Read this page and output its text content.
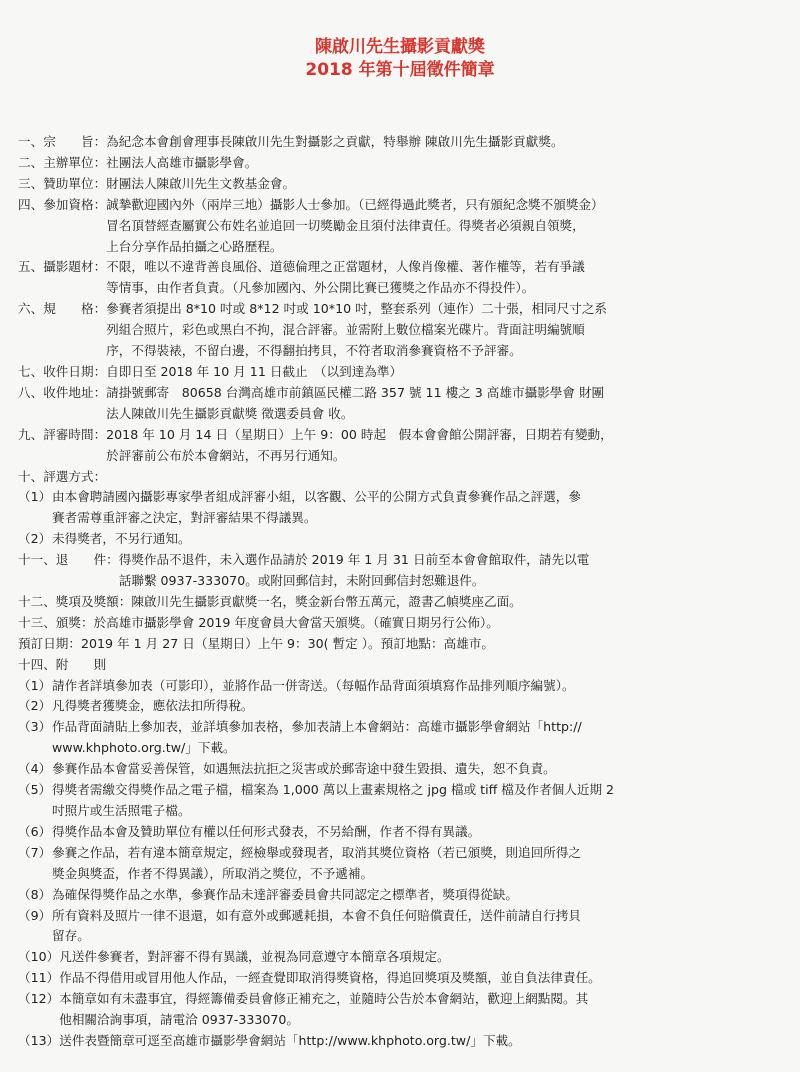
陳啟川先生攝影貢獻獎
2018 年第十屆徵件簡章
一、宗　　旨： 為紀念本會創會理事長陳啟川先生對攝影之貢獻，特舉辦 陳啟川先生攝影貢獻獎。
二、主辦單位： 社團法人高雄市攝影學會。
三、贊助單位： 財團法人陳啟川先生文教基金會。
四、參加資格： 誠摯歡迎國內外（兩岸三地）攝影人士參加。（已經得過此獎者，只有頒紀念獎不頒獎金）
冒名頂替經查屬實公布姓名並追回一切獎勵金且須付法律責任。得獎者必須親自領獎，
上台分享作品拍攝之心路歷程。
五、攝影題材： 不限，唯以不違背善良風俗、道德倫理之正當題材，人像肖像權、著作權等，若有爭議
等情事，由作者負責。（凡參加國內、外公開比賽已獲獎之作品亦不得投件）。
六、規　　格： 參賽者須提出 8*10 吋或 8*12 吋或 10*10 吋，整套系列（連作）二十張，相同尺寸之系
列組合照片，彩色或黑白不拘，混合評審。並需附上數位檔案光碟片。背面註明編號順
序，不得裝裱，不留白邊，不得翻拍拷貝，不符者取消參賽資格不予評審。
七、收件日期： 自即日至 2018 年 10 月 11 日截止　（以到達為準）
八、收件地址： 請掛號郵寄　80658 台灣高雄市前鎮區民權二路 357 號 11 樓之 3 高雄市攝影學會 財團
法人陳啟川先生攝影貢獻獎 徵選委員會 收。
九、評審時間： 2018 年 10 月 14 日（星期日）上午 9：00 時起　假本會會館公開評審，日期若有變動，
於評審前公布於本會網站，不再另行通知。
十、評選方式：
（1） 由本會聘請國內攝影專家學者組成評審小組，以客觀、公平的公開方式負責參賽作品之評選，參
賽者需尊重評審之決定，對評審結果不得議異。
（2） 未得獎者，不另行通知。
十一、退　　件： 得獎作品不退件，未入選作品請於 2019 年 1 月 31 日前至本會會館取件，請先以電
話聯繫 0937-333070。或附回郵信封，未附回郵信封恕難退件。
十二、獎項及獎額： 陳啟川先生攝影貢獻獎一名，獎金新台幣五萬元，證書乙幀獎座乙面。
十三、頒獎： 於高雄市攝影學會 2019 年度會員大會當天頒獎。（確實日期另行公佈）。
預訂日期： 2019 年 1 月 27 日（星期日）上午 9：30( 暫定 ）。預訂地點：高雄市。
十四、附　　則
（1） 請作者詳填參加表（可影印），並將作品一併寄送。（每幅作品背面須填寫作品排列順序編號）。
（2） 凡得獎者獲獎金，應依法扣所得稅。
（3） 作品背面請貼上參加表，並詳填參加表格，參加表請上本會網站：高雄市攝影學會網站「http://
www.khphoto.org.tw/」下載。
（4） 參賽作品本會當妥善保管，如遇無法抗拒之災害或於郵寄途中發生毀損、遺失，恕不負責。
（5） 得獎者需繳交得獎作品之電子檔，檔案為 1,000 萬以上畫素規格之 jpg 檔或 tiff 檔及作者個人近期 2
吋照片或生活照電子檔。
（6） 得獎作品本會及贊助單位有權以任何形式發表，不另給酬，作者不得有異議。
（7） 參賽之作品，若有違本簡章規定，經檢舉或發現者，取消其獎位資格（若已頒獎，則追回所得之
獎金與獎盃，作者不得異議），所取消之獎位，不予遞補。
（8） 為確保得獎作品之水準，參賽作品未達評審委員會共同認定之標準者，獎項得從缺。
（9） 所有資料及照片一律不退還，如有意外或郵遞耗損，本會不負任何賠償責任，送件前請自行拷貝
留存。
（10） 凡送件參賽者，對評審不得有異議，並視為同意遵守本簡章各項規定。
（11） 作品不得借用或冒用他人作品，一經查覺即取消得獎資格，得追回獎項及獎額，並自負法律責任。
（12） 本簡章如有未盡事宜，得經籌備委員會修正補充之，並隨時公告於本會網站，歡迎上網點閱。其
他相關洽詢事項，請電洽 0937-333070。
（13） 送件表暨簡章可逕至高雄市攝影學會網站「http://www.khphoto.org.tw/」下載。
